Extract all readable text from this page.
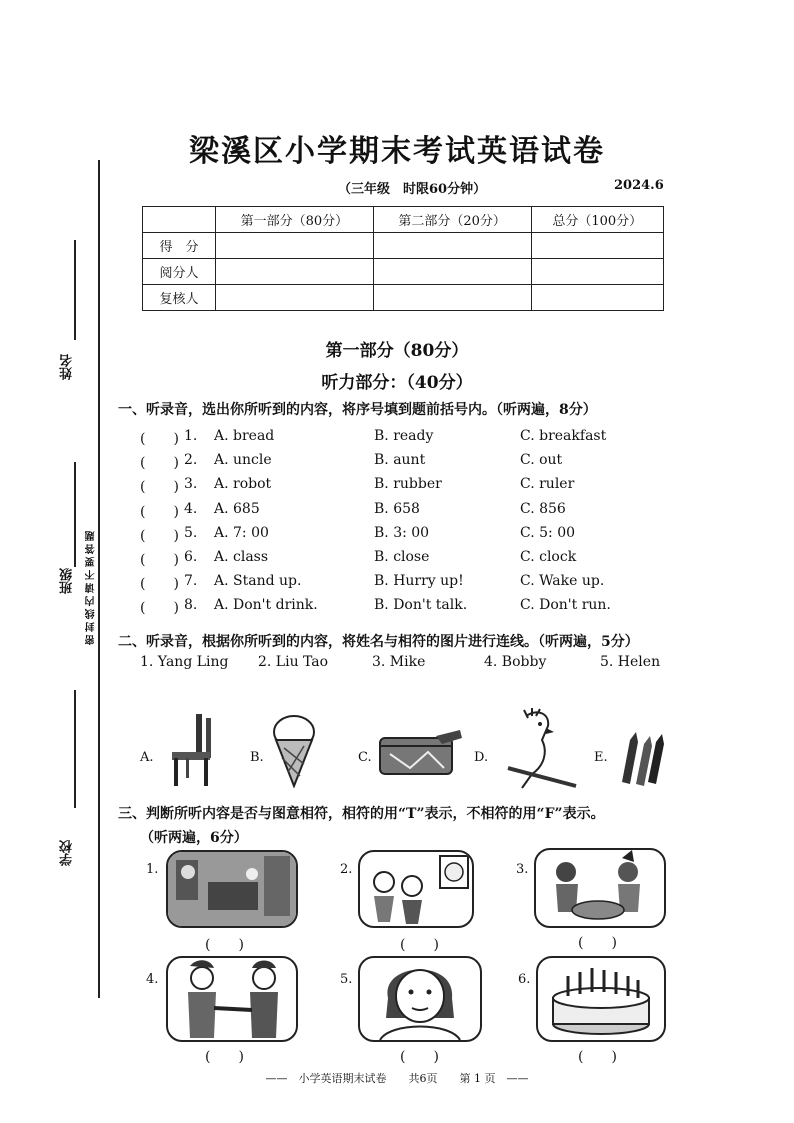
姓名
班级 密封线内请不要答题
学校
梁溪区小学期末考试英语试卷
（三年级　时限60分钟）	2024.6
	第一部分（80分）	第二部分（20分）	总分（100分）
得　分			
阅分人			
复核人			
第一部分（80分）
听力部分：（40分）
一、听录音，选出你所听到的内容，将序号填到题前括号内。（听两遍，8分）
(　　) 1. A. bread	B. ready	C. breakfast
(　　) 2. A. uncle	B. aunt	C. out
(　　) 3. A. robot	B. rubber	C. ruler
(　　) 4. A. 685	B. 658	C. 856
(　　) 5. A. 7: 00	B. 3: 00	C. 5: 00
(　　) 6. A. class	B. close	C. clock
(　　) 7. A. Stand up.	B. Hurry up!	C. Wake up.
(　　) 8. A. Don't drink.	B. Don't talk.	C. Don't run.
二、听录音，根据你所听到的内容，将姓名与相符的图片进行连线。（听两遍，5分）
1. Yang Ling 2. Liu Tao	3. Mike	4. Bobby	5. Helen
A.	B.	C.	D.	E.
三、判断所听内容是否与图意相符，相符的用“T”表示，不相符的用“F”表示。
（听两遍，6分）
1.
(　　)
2.
(　　)
3.
(　　)
4.
(　　)
5.
(　　)
6.
(　　)
——　小学英语期末试卷　　共6页　　第 1 页　——
